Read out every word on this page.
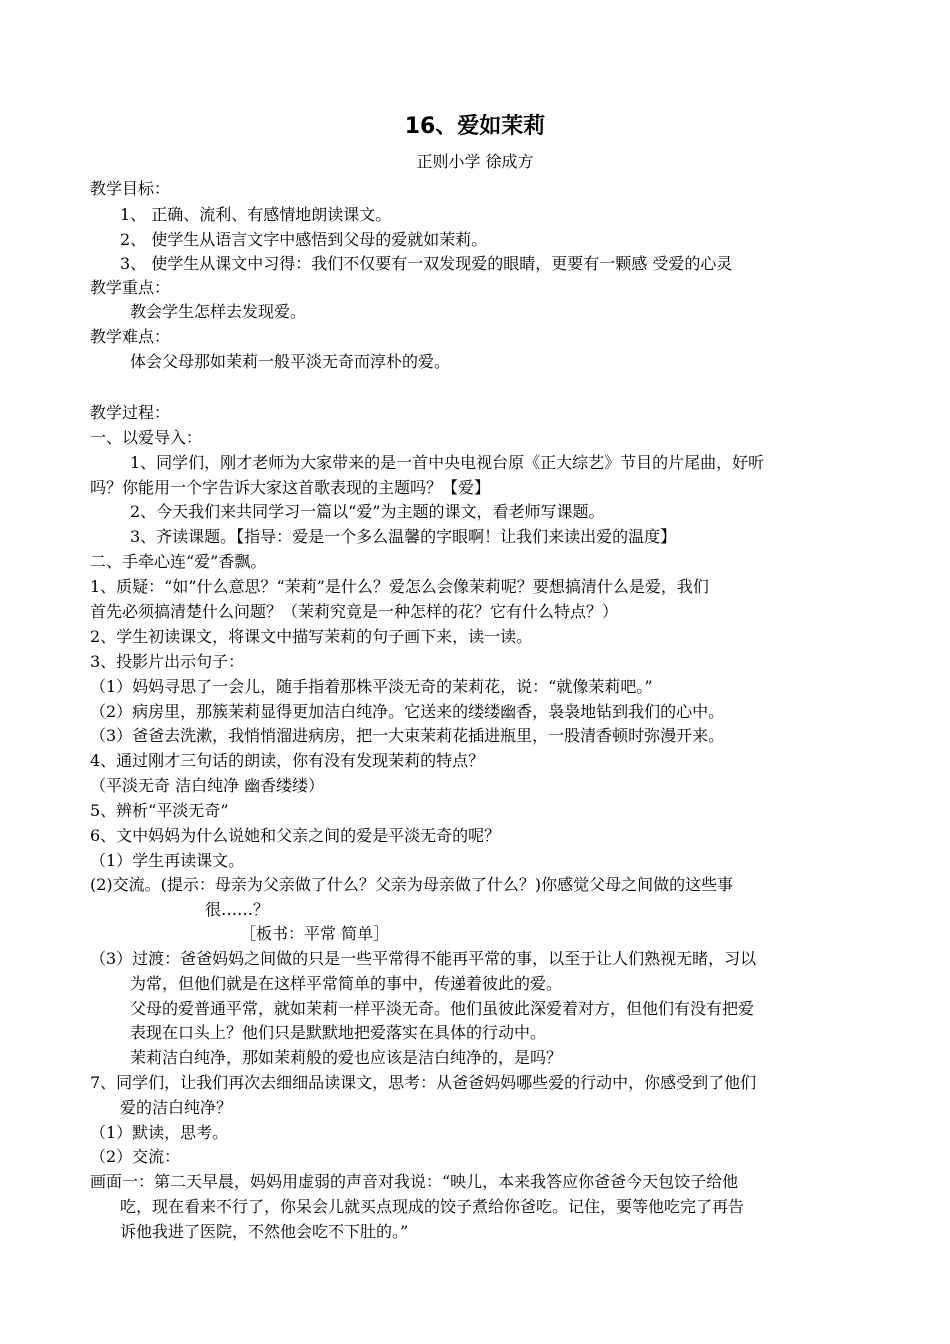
16、爱如茉莉
正则小学 徐成方
教学目标：
1、 正确、流利、有感情地朗读课文。
2、 使学生从语言文字中感悟到父母的爱就如茉莉。
3、 使学生从课文中习得：我们不仅要有一双发现爱的眼睛，更要有一颗感 受爱的心灵
教学重点：
教会学生怎样去发现爱。
教学难点：
体会父母那如茉莉一般平淡无奇而淳朴的爱。
教学过程：
一、以爱导入：
1、同学们，刚才老师为大家带来的是一首中央电视台原《正大综艺》节目的片尾曲，好听
吗？你能用一个字告诉大家这首歌表现的主题吗？【爱】
2、今天我们来共同学习一篇以“爱”为主题的课文，看老师写课题。
3、齐读课题。【指导：爱是一个多么温馨的字眼啊！让我们来读出爱的温度】
二、手牵心连“爱”香飘。
1、质疑：“如”什么意思？“茉莉”是什么？爱怎么会像茉莉呢？要想搞清什么是爱，我们
首先必须搞清楚什么问题？（茉莉究竟是一种怎样的花？它有什么特点？）
2、学生初读课文，将课文中描写茉莉的句子画下来，读一读。
3、投影片出示句子：
（1）妈妈寻思了一会儿，随手指着那株平淡无奇的茉莉花，说：“就像茉莉吧。”
（2）病房里，那簇茉莉显得更加洁白纯净。它送来的缕缕幽香，袅袅地钻到我们的心中。
（3）爸爸去洗漱，我悄悄溜进病房，把一大束茉莉花插进瓶里，一股清香顿时弥漫开来。
4、通过刚才三句话的朗读，你有没有发现茉莉的特点？
（平淡无奇 洁白纯净 幽香缕缕）
5、辨析“平淡无奇”
6、文中妈妈为什么说她和父亲之间的爱是平淡无奇的呢？
（1）学生再读课文。
(2)交流。(提示：母亲为父亲做了什么？父亲为母亲做了什么？)你感觉父母之间做的这些事
很……？
［板书：平常 简单］
（3）过渡：爸爸妈妈之间做的只是一些平常得不能再平常的事，以至于让人们熟视无睹，习以
为常，但他们就是在这样平常简单的事中，传递着彼此的爱。
父母的爱普通平常，就如茉莉一样平淡无奇。他们虽彼此深爱着对方，但他们有没有把爱
表现在口头上？他们只是默默地把爱落实在具体的行动中。
茉莉洁白纯净，那如茉莉般的爱也应该是洁白纯净的，是吗？
7、同学们，让我们再次去细细品读课文，思考：从爸爸妈妈哪些爱的行动中，你感受到了他们
爱的洁白纯净？
（1）默读，思考。
（2）交流：
画面一：第二天早晨，妈妈用虚弱的声音对我说：“映儿，本来我答应你爸爸今天包饺子给他
吃，现在看来不行了，你呆会儿就买点现成的饺子煮给你爸吃。记住，要等他吃完了再告
诉他我进了医院，不然他会吃不下肚的。”
